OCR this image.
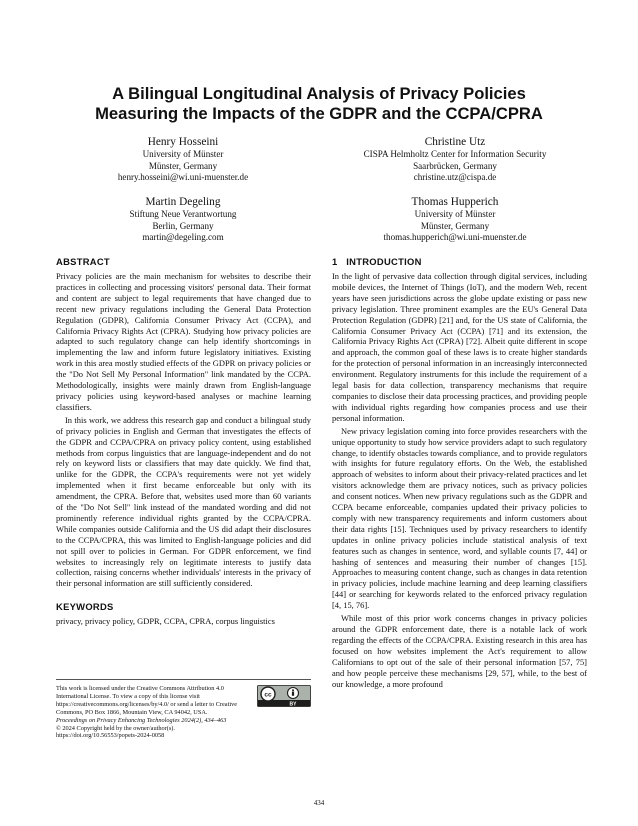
A Bilingual Longitudinal Analysis of Privacy Policies
Measuring the Impacts of the GDPR and the CCPA/CPRA
Henry Hosseini
University of Münster
Münster, Germany
henry.hosseini@wi.uni-muenster.de
Christine Utz
CISPA Helmholtz Center for Information Security
Saarbrücken, Germany
christine.utz@cispa.de
Martin Degeling
Stiftung Neue Verantwortung
Berlin, Germany
martin@degeling.com
Thomas Hupperich
University of Münster
Münster, Germany
thomas.hupperich@wi.uni-muenster.de
ABSTRACT

Privacy policies are the main mechanism for websites to describe their practices in collecting and processing visitors' personal data. Their format and content are subject to legal requirements that have changed due to recent new privacy regulations including the General Data Protection Regulation (GDPR), California Consumer Privacy Act (CCPA), and California Privacy Rights Act (CPRA). Studying how privacy policies are adapted to such regulatory change can help identify shortcomings in implementing the law and inform future legislatory initiatives. Existing work in this area mostly studied effects of the GDPR on privacy policies or the "Do Not Sell My Personal Information" link mandated by the CCPA. Methodologically, insights were mainly drawn from English-language privacy policies using keyword-based analyses or machine learning classifiers.

In this work, we address this research gap and conduct a bilingual study of privacy policies in English and German that investigates the effects of the GDPR and CCPA/CPRA on privacy policy content, using established methods from corpus linguistics that are language-independent and do not rely on keyword lists or classifiers that may date quickly. We find that, unlike for the GDPR, the CCPA's requirements were not yet widely implemented when it first became enforceable but only with its amendment, the CPRA. Before that, websites used more than 60 variants of the "Do Not Sell" link instead of the mandated wording and did not prominently reference individual rights granted by the CCPA/CPRA. While companies outside California and the US did adapt their disclosures to the CCPA/CPRA, this was limited to English-language policies and did not spill over to policies in German. For GDPR enforcement, we find websites to increasingly rely on legitimate interests to justify data collection, raising concerns whether individuals' interests in the privacy of their personal information are still sufficiently considered.

KEYWORDS

privacy, privacy policy, GDPR, CCPA, CPRA, corpus linguistics

This work is licensed under the Creative Commons Attribution 4.0 International License. To view a copy of this license visit https://creativecommons.org/licenses/by/4.0/ or send a letter to Creative Commons, PO Box 1866, Mountain View, CA 94042, USA.
cc
BY
Proceedings on Privacy Enhancing Technologies 2024(2), 434–463
© 2024 Copyright held by the owner/author(s).
https://doi.org/10.56553/popets-2024-0058
1   INTRODUCTION

In the light of pervasive data collection through digital services, including mobile devices, the Internet of Things (IoT), and the modern Web, recent years have seen jurisdictions across the globe update existing or pass new privacy legislation. Three prominent examples are the EU's General Data Protection Regulation (GDPR) [21] and, for the US state of California, the California Consumer Privacy Act (CCPA) [71] and its extension, the California Privacy Rights Act (CPRA) [72]. Albeit quite different in scope and approach, the common goal of these laws is to create higher standards for the protection of personal information in an increasingly interconnected environment. Regulatory instruments for this include the requirement of a legal basis for data collection, transparency mechanisms that require companies to disclose their data processing practices, and providing people with individual rights regarding how companies process and use their personal information.

New privacy legislation coming into force provides researchers with the unique opportunity to study how service providers adapt to such regulatory change, to identify obstacles towards compliance, and to provide regulators with insights for future regulatory efforts. On the Web, the established approach of websites to inform about their privacy-related practices and let visitors acknowledge them are privacy notices, such as privacy policies and consent notices. When new privacy regulations such as the GDPR and CCPA became enforceable, companies updated their privacy policies to comply with new transparency requirements and inform customers about their data rights [15]. Techniques used by privacy researchers to identify updates in online privacy policies include statistical analysis of text features such as changes in sentence, word, and syllable counts [7, 44] or hashing of sentences and measuring their number of changes [15]. Approaches to measuring content change, such as changes in data retention in privacy policies, include machine learning and deep learning classifiers [44] or searching for keywords related to the enforced privacy regulation [4, 15, 76].

While most of this prior work concerns changes in privacy policies around the GDPR enforcement date, there is a notable lack of work regarding the effects of the CCPA/CPRA. Existing research in this area has focused on how websites implement the Act's requirement to allow Californians to opt out of the sale of their personal information [57, 75] and how people perceive these mechanisms [29, 57], while, to the best of our knowledge, a more profound

434
